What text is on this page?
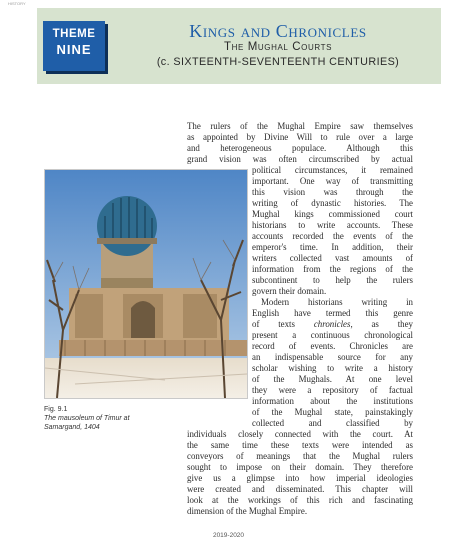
HISTORY
THEME
NINE
Kings and Chronicles
The Mughal Courts
(c. SIXTEENTH-SEVENTEENTH CENTURIES)
The rulers of the Mughal Empire saw themselves
as appointed by Divine Will to rule over a large
and heterogeneous populace. Although this
grand vision was often circumscribed by actual
political circumstances, it remained
important. One way of transmitting
this vision was through the
writing of dynastic histories. The
Mughal kings commissioned court
historians to write accounts. These
accounts recorded the events of the
emperor's time. In addition, their
writers collected vast amounts of
information from the regions of the
subcontinent to help the rulers
govern their domain.
Modern historians writing in
English have termed this genre
of texts chronicles, as they
present a continuous chronological
record of events. Chronicles are
an indispensable source for any
scholar wishing to write a history
of the Mughals. At one level
they were a repository of factual
information about the institutions
of the Mughal state, painstakingly
collected and classified by
Fig. 9.1
The mausoleum of Timur at
Samargand, 1404
individuals closely connected with the court. At
the same time these texts were intended as
conveyors of meanings that the Mughal rulers
sought to impose on their domain. They therefore
give us a glimpse into how imperial ideologies
were created and disseminated. This chapter will
look at the workings of this rich and fascinating
dimension of the Mughal Empire.
2019-2020
